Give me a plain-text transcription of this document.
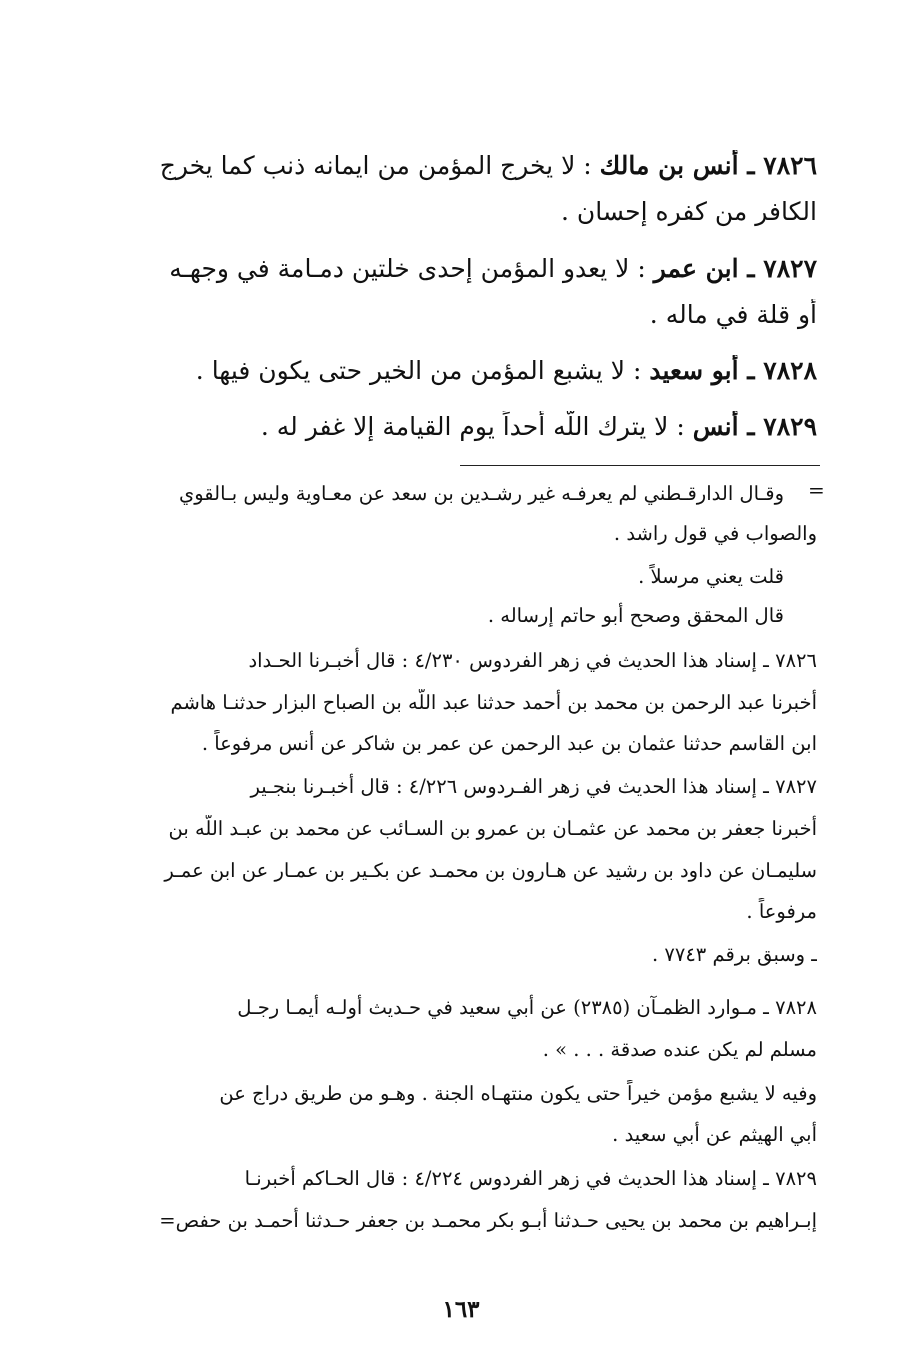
٧٨٢٦ ـ أنس بن مالك : لا يخرج المؤمن من ايمانه ذنب كما يخرج
الكافر من كفره إحسان .
٧٨٢٧ ـ ابن عمر : لا يعدو المؤمن إحدى خلتين دمـامة في وجهـه
أو قلة في ماله .
٧٨٢٨ ـ أبو سعيد : لا يشبع المؤمن من الخير حتى يكون فيها .
٧٨٢٩ ـ أنس : لا يترك اللّه أحداً يوم القيامة إلا غفر له .
=
وقـال الدارقـطني لم يعرفـه غير رشـدين بن سعد عن معـاوية وليس بـالقوي
والصواب في قول راشد .
قلت يعني مرسلاً .
قال المحقق وصحح أبو حاتم إرساله .
٧٨٢٦ ـ إسناد هذا الحديث في زهر الفردوس ٤/٢٣٠ : قال أخبـرنا الحـداد
أخبرنا عبد الرحمن بن محمد بن أحمد حدثنا عبد اللّه بن الصباح البزار حدثنـا هاشم
ابن القاسم حدثنا عثمان بن عبد الرحمن عن عمر بن شاكر عن أنس مرفوعاً .
٧٨٢٧ ـ إسناد هذا الحديث في زهر الفـردوس ٤/٢٢٦ : قال أخبـرنا بنجـير
أخبرنا جعفر بن محمد عن عثمـان بن عمرو بن السـائب عن محمد بن عبـد اللّه بن
سليمـان عن داود بن رشيد عن هـارون بن محمـد عن بكـير بن عمـار عن ابن عمـر
مرفوعاً .
ـ وسبق برقم ٧٧٤٣ .
٧٨٢٨ ـ مـوارد الظمـآن (٢٣٨٥) عن أبي سعيد في حـديث أولـه أيمـا رجـل
مسلم لم يكن عنده صدقة . . . » .
وفيه لا يشبع مؤمن خيراً حتى يكون منتهـاه الجنة . وهـو من طريق دراج عن
أبي الهيثم عن أبي سعيد .
٧٨٢٩ ـ إسناد هذا الحديث في زهر الفردوس ٤/٢٢٤ : قال الحـاكم أخبرنـا
إبـراهيم بن محمد بن يحيى حـدثنا أبـو بكر محمـد بن جعفر حـدثنا أحمـد بن حفص=
١٦٣
